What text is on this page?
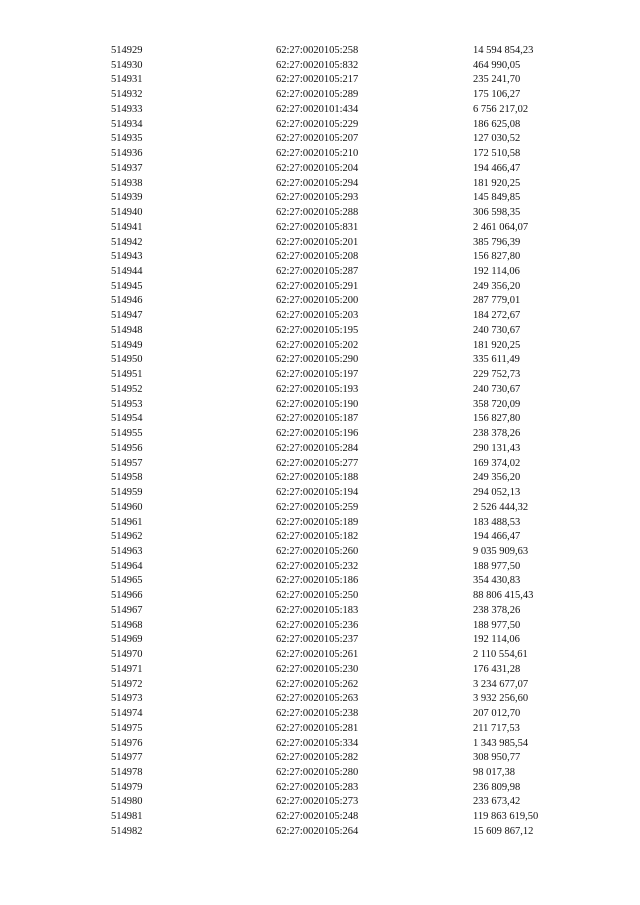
514929	62:27:0020105:258	14 594 854,23
514930	62:27:0020105:832	464 990,05
514931	62:27:0020105:217	235 241,70
514932	62:27:0020105:289	175 106,27
514933	62:27:0020101:434	6 756 217,02
514934	62:27:0020105:229	186 625,08
514935	62:27:0020105:207	127 030,52
514936	62:27:0020105:210	172 510,58
514937	62:27:0020105:204	194 466,47
514938	62:27:0020105:294	181 920,25
514939	62:27:0020105:293	145 849,85
514940	62:27:0020105:288	306 598,35
514941	62:27:0020105:831	2 461 064,07
514942	62:27:0020105:201	385 796,39
514943	62:27:0020105:208	156 827,80
514944	62:27:0020105:287	192 114,06
514945	62:27:0020105:291	249 356,20
514946	62:27:0020105:200	287 779,01
514947	62:27:0020105:203	184 272,67
514948	62:27:0020105:195	240 730,67
514949	62:27:0020105:202	181 920,25
514950	62:27:0020105:290	335 611,49
514951	62:27:0020105:197	229 752,73
514952	62:27:0020105:193	240 730,67
514953	62:27:0020105:190	358 720,09
514954	62:27:0020105:187	156 827,80
514955	62:27:0020105:196	238 378,26
514956	62:27:0020105:284	290 131,43
514957	62:27:0020105:277	169 374,02
514958	62:27:0020105:188	249 356,20
514959	62:27:0020105:194	294 052,13
514960	62:27:0020105:259	2 526 444,32
514961	62:27:0020105:189	183 488,53
514962	62:27:0020105:182	194 466,47
514963	62:27:0020105:260	9 035 909,63
514964	62:27:0020105:232	188 977,50
514965	62:27:0020105:186	354 430,83
514966	62:27:0020105:250	88 806 415,43
514967	62:27:0020105:183	238 378,26
514968	62:27:0020105:236	188 977,50
514969	62:27:0020105:237	192 114,06
514970	62:27:0020105:261	2 110 554,61
514971	62:27:0020105:230	176 431,28
514972	62:27:0020105:262	3 234 677,07
514973	62:27:0020105:263	3 932 256,60
514974	62:27:0020105:238	207 012,70
514975	62:27:0020105:281	211 717,53
514976	62:27:0020105:334	1 343 985,54
514977	62:27:0020105:282	308 950,77
514978	62:27:0020105:280	98 017,38
514979	62:27:0020105:283	236 809,98
514980	62:27:0020105:273	233 673,42
514981	62:27:0020105:248	119 863 619,50
514982	62:27:0020105:264	15 609 867,12
